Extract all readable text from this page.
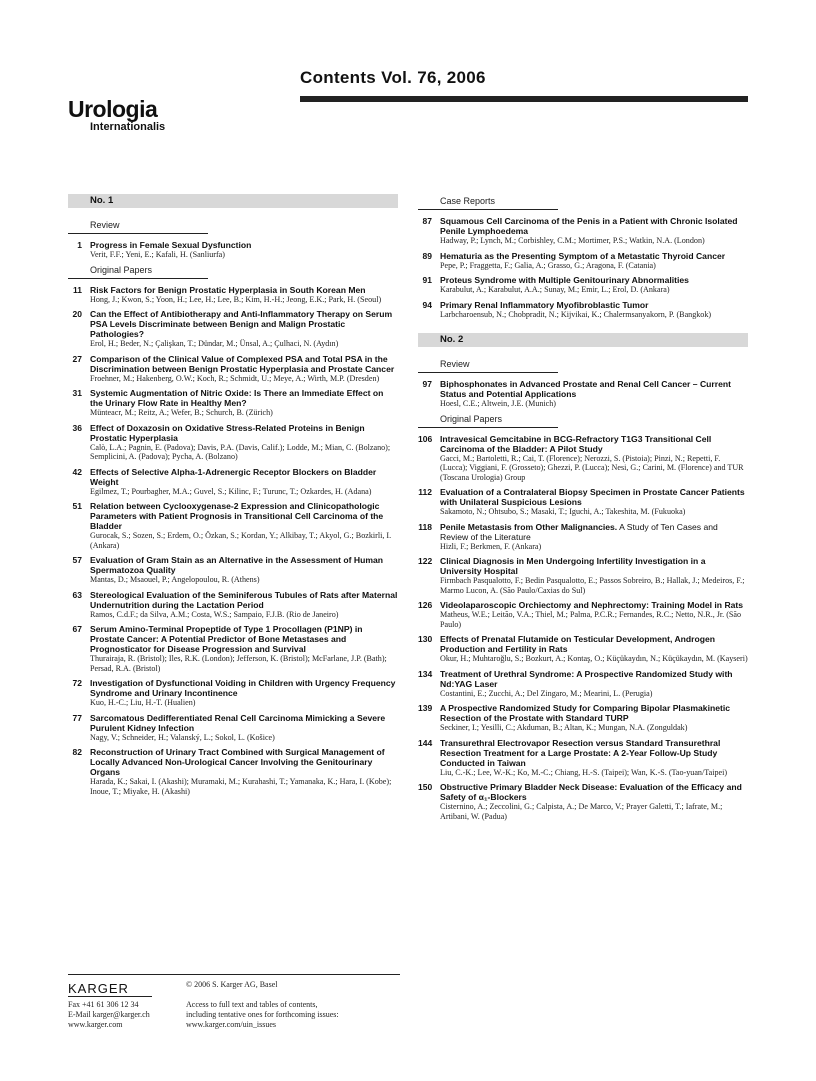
Contents Vol. 76, 2006
Urologia
Internationalis
No. 1
Review
1 Progress in Female Sexual Dysfunction
Verit, F.F.; Yeni, E.; Kafali, H. (Sanliurfa)
Original Papers
11 Risk Factors for Benign Prostatic Hyperplasia in South Korean Men
Hong, J.; Kwon, S.; Yoon, H.; Lee, H.; Lee, B.; Kim, H.-H.; Jeong, E.K.; Park, H. (Seoul)
20 Can the Effect of Antibiotherapy and Anti-Inflammatory Therapy on Serum PSA Levels Discriminate between Benign and Malign Prostatic Pathologies?
Erol, H.; Beder, N.; Çalişkan, T.; Dündar, M.; Ünsal, A.; Çulhaci, N. (Aydın)
27 Comparison of the Clinical Value of Complexed PSA and Total PSA in the Discrimination between Benign Prostatic Hyperplasia and Prostate Cancer
Froehner, M.; Hakenberg, O.W.; Koch, R.; Schmidt, U.; Meye, A.; Wirth, M.P. (Dresden)
31 Systemic Augmentation of Nitric Oxide: Is There an Immediate Effect on the Urinary Flow Rate in Healthy Men?
Münteacr, M.; Reitz, A.; Wefer, B.; Schurch, B. (Zürich)
36 Effect of Doxazosin on Oxidative Stress-Related Proteins in Benign Prostatic Hyperplasia
Calò, L.A.; Pagnin, E. (Padova); Davis, P.A. (Davis, Calif.); Lodde, M.; Mian, C. (Bolzano); Semplicini, A. (Padova); Pycha, A. (Bolzano)
42 Effects of Selective Alpha-1-Adrenergic Receptor Blockers on Bladder Weight
Egilmez, T.; Pourbagher, M.A.; Guvel, S.; Kilinc, F.; Turunc, T.; Ozkardes, H. (Adana)
51 Relation between Cyclooxygenase-2 Expression and Clinicopathologic Parameters with Patient Prognosis in Transitional Cell Carcinoma of the Bladder
Gurocak, S.; Sozen, S.; Erdem, O.; Özkan, S.; Kordan, Y.; Alkibay, T.; Akyol, G.; Bozkirli, I. (Ankara)
57 Evaluation of Gram Stain as an Alternative in the Assessment of Human Spermatozoa Quality
Mantas, D.; Msaouel, P.; Angelopoulou, R. (Athens)
63 Stereological Evaluation of the Seminiferous Tubules of Rats after Maternal Undernutrition during the Lactation Period
Ramos, C.d.F.; da Silva, A.M.; Costa, W.S.; Sampaio, F.J.B. (Rio de Janeiro)
67 Serum Amino-Terminal Propeptide of Type 1 Procollagen (P1NP) in Prostate Cancer: A Potential Predictor of Bone Metastases and Prognosticator for Disease Progression and Survival
Thurairaja, R. (Bristol); Iles, R.K. (London); Jefferson, K. (Bristol); McFarlane, J.P. (Bath); Persad, R.A. (Bristol)
72 Investigation of Dysfunctional Voiding in Children with Urgency Frequency Syndrome and Urinary Incontinence
Kuo, H.-C.; Liu, H.-T. (Hualien)
77 Sarcomatous Dedifferentiated Renal Cell Carcinoma Mimicking a Severe Purulent Kidney Infection
Nagy, V.; Schneider, H.; Valanský, L.; Sokol, L. (Košice)
82 Reconstruction of Urinary Tract Combined with Surgical Management of Locally Advanced Non-Urological Cancer Involving the Genitourinary Organs
Harada, K.; Sakai, I. (Akashi); Muramaki, M.; Kurahashi, T.; Yamanaka, K.; Hara, I. (Kobe); Inoue, T.; Miyake, H. (Akashi)
Case Reports
87 Squamous Cell Carcinoma of the Penis in a Patient with Chronic Isolated Penile Lymphoedema
Hadway, P.; Lynch, M.; Corbishley, C.M.; Mortimer, P.S.; Watkin, N.A. (London)
89 Hematuria as the Presenting Symptom of a Metastatic Thyroid Cancer
Pepe, P.; Fraggetta, F.; Galia, A.; Grasso, G.; Aragona, F. (Catania)
91 Proteus Syndrome with Multiple Genitourinary Abnormalities
Karabulut, A.; Karabulut, A.A.; Sunay, M.; Emir, L.; Erol, D. (Ankara)
94 Primary Renal Inflammatory Myofibroblastic Tumor
Larbcharoensub, N.; Chobpradit, N.; Kijvikai, K.; Chalermsanyakorn, P. (Bangkok)
No. 2
Review
97 Biphosphonates in Advanced Prostate and Renal Cell Cancer – Current Status and Potential Applications
Hoesl, C.E.; Altwein, J.E. (Munich)
Original Papers
106 Intravesical Gemcitabine in BCG-Refractory T1G3 Transitional Cell Carcinoma of the Bladder: A Pilot Study
Gacci, M.; Bartoletti, R.; Cai, T. (Florence); Nerozzi, S. (Pistoia); Pinzi, N.; Repetti, F. (Lucca); Viggiani, F. (Grosseto); Ghezzi, P. (Lucca); Nesi, G.; Carini, M. (Florence) and TUR (Toscana Urologia) Group
112 Evaluation of a Contralateral Biopsy Specimen in Prostate Cancer Patients with Unilateral Suspicious Lesions
Sakamoto, N.; Ohtsubo, S.; Masaki, T.; Iguchi, A.; Takeshita, M. (Fukuoka)
118 Penile Metastasis from Other Malignancies. A Study of Ten Cases and Review of the Literature
Hizli, F.; Berkmen, F. (Ankara)
122 Clinical Diagnosis in Men Undergoing Infertility Investigation in a University Hospital
Firmbach Pasqualotto, F.; Bedin Pasqualotto, E.; Passos Sobreiro, B.; Hallak, J.; Medeiros, F.; Marmo Lucon, A. (São Paulo/Caxias do Sul)
126 Videolaparoscopic Orchiectomy and Nephrectomy: Training Model in Rats
Matheus, W.E.; Leitão, V.A.; Thiel, M.; Palma, P.C.R.; Fernandes, R.C.; Netto, N.R., Jr. (São Paulo)
130 Effects of Prenatal Flutamide on Testicular Development, Androgen Production and Fertility in Rats
Okur, H.; Muhtaroğlu, S.; Bozkurt, A.; Kontaş, O.; Küçükaydın, N.; Küçükaydın, M. (Kayseri)
134 Treatment of Urethral Syndrome: A Prospective Randomized Study with Nd:YAG Laser
Costantini, E.; Zucchi, A.; Del Zingaro, M.; Mearini, L. (Perugia)
139 A Prospective Randomized Study for Comparing Bipolar Plasmakinetic Resection of the Prostate with Standard TURP
Seckiner, I.; Yesilli, C.; Akduman, B.; Altan, K.; Mungan, N.A. (Zonguldak)
144 Transurethral Electrovapor Resection versus Standard Transurethral Resection Treatment for a Large Prostate: A 2-Year Follow-Up Study Conducted in Taiwan
Liu, C.-K.; Lee, W.-K.; Ko, M.-C.; Chiang, H.-S. (Taipei); Wan, K.-S. (Tao-yuan/Taipei)
150 Obstructive Primary Bladder Neck Disease: Evaluation of the Efficacy and Safety of α₁-Blockers
Cisternino, A.; Zeccolini, G.; Calpista, A.; De Marco, V.; Prayer Galetti, T.; Iafrate, M.; Artibani, W. (Padua)
KARGER	© 2006 S. Karger AG, Basel
Fax +41 61 306 12 34
E-Mail karger@karger.ch
www.karger.com
Access to full text and tables of contents,
including tentative ones for forthcoming issues:
www.karger.com/uin_issues
